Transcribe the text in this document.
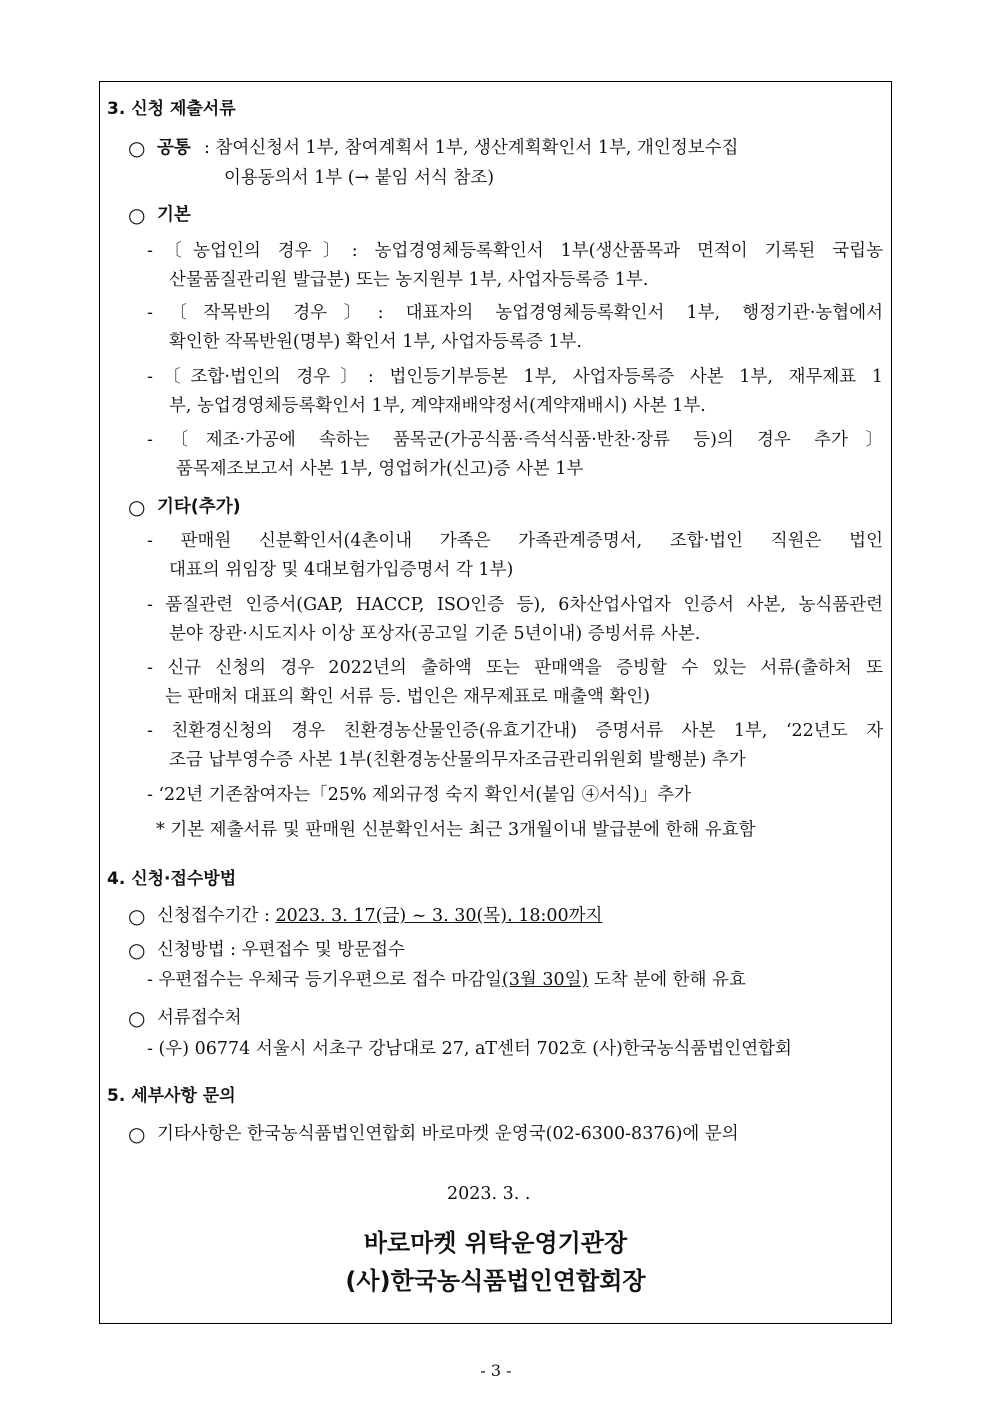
3. 신청 제출서류
○ 공통 : 참여신청서 1부, 참여계획서 1부, 생산계획확인서 1부, 개인정보수집
이용동의서 1부 (→ 붙임 서식 참조)
○ 기본
-〔농업인의 경우〕: 농업경영체등록확인서 1부(생산품목과 면적이 기록된 국립농
산물품질관리원 발급분) 또는 농지원부 1부, 사업자등록증 1부.
-〔작목반의 경우〕: 대표자의 농업경영체등록확인서 1부, 행정기관·농협에서
확인한 작목반원(명부) 확인서 1부, 사업자등록증 1부.
-〔조합·법인의 경우〕: 법인등기부등본 1부, 사업자등록증 사본 1부, 재무제표 1
부, 농업경영체등록확인서 1부, 계약재배약정서(계약재배시) 사본 1부.
-〔제조·가공에 속하는 품목군(가공식품·즉석식품·반찬·장류 등)의 경우 추가〕
품목제조보고서 사본 1부, 영업허가(신고)증 사본 1부
○ 기타(추가)
- 판매원 신분확인서(4촌이내 가족은 가족관계증명서, 조합·법인 직원은 법인
대표의 위임장 및 4대보험가입증명서 각 1부)
- 품질관련 인증서(GAP, HACCP, ISO인증 등), 6차산업사업자 인증서 사본, 농식품관련
분야 장관·시도지사 이상 포상자(공고일 기준 5년이내) 증빙서류 사본.
- 신규 신청의 경우 2022년의 출하액 또는 판매액을 증빙할 수 있는 서류(출하처 또
는 판매처 대표의 확인 서류 등. 법인은 재무제표로 매출액 확인)
- 친환경신청의 경우 친환경농산물인증(유효기간내) 증명서류 사본 1부, ‘22년도 자
조금 납부영수증 사본 1부(친환경농산물의무자조금관리위원회 발행분) 추가
- ‘22년 기존참여자는「25% 제외규정 숙지 확인서(붙임 ④서식)」추가
* 기본 제출서류 및 판매원 신분확인서는 최근 3개월이내 발급분에 한해 유효함
4. 신청·접수방법
○ 신청접수기간 : 2023. 3. 17(금) ~ 3. 30(목). 18:00까지
○ 신청방법 : 우편접수 및 방문접수
- 우편접수는 우체국 등기우편으로 접수 마감일(3월 30일) 도착 분에 한해 유효
○ 서류접수처
- (우) 06774 서울시 서초구 강남대로 27, aT센터 702호 (사)한국농식품법인연합회
5. 세부사항 문의
○ 기타사항은 한국농식품법인연합회 바로마켓 운영국(02-6300-8376)에 문의
2023. 3. .
바로마켓 위탁운영기관장
(사)한국농식품법인연합회장
- 3 -
